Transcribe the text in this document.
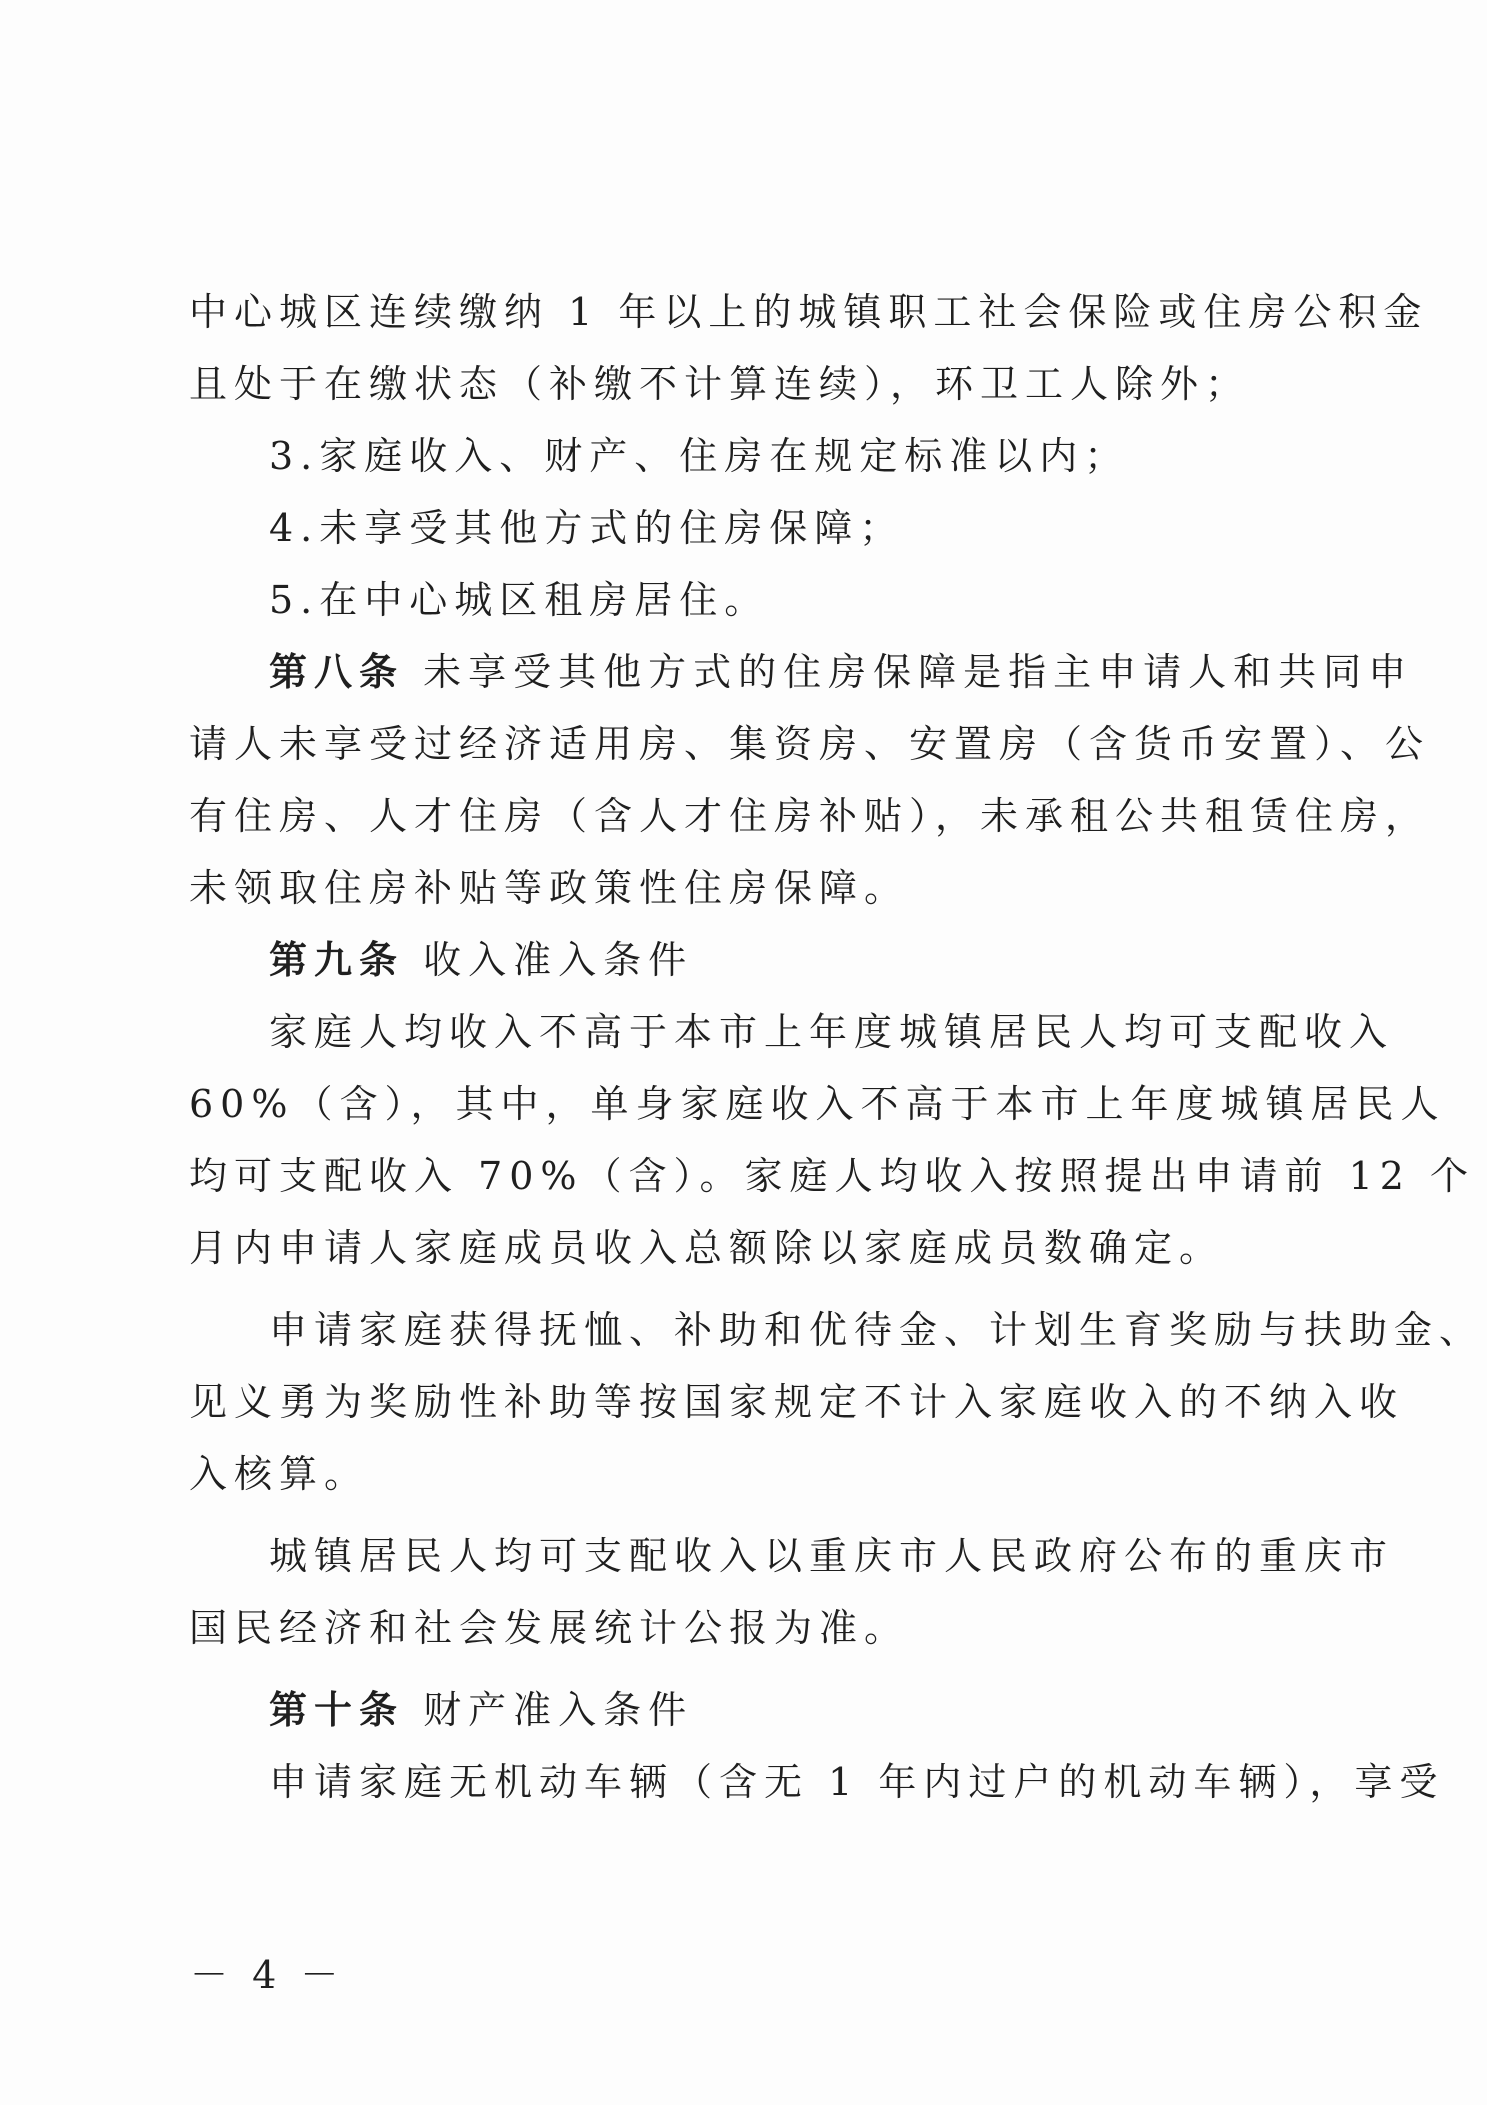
中心城区连续缴纳 1 年以上的城镇职工社会保险或住房公积金
且处于在缴状态（补缴不计算连续），环卫工人除外；
3.家庭收入、财产、住房在规定标准以内；
4.未享受其他方式的住房保障；
5.在中心城区租房居住。
第八条 未享受其他方式的住房保障是指主申请人和共同申
请人未享受过经济适用房、集资房、安置房（含货币安置）、公
有住房、人才住房（含人才住房补贴），未承租公共租赁住房，
未领取住房补贴等政策性住房保障。
第九条 收入准入条件
家庭人均收入不高于本市上年度城镇居民人均可支配收入
60%（含），其中，单身家庭收入不高于本市上年度城镇居民人
均可支配收入 70%（含）。家庭人均收入按照提出申请前 12 个
月内申请人家庭成员收入总额除以家庭成员数确定。
申请家庭获得抚恤、补助和优待金、计划生育奖励与扶助金、
见义勇为奖励性补助等按国家规定不计入家庭收入的不纳入收
入核算。
城镇居民人均可支配收入以重庆市人民政府公布的重庆市
国民经济和社会发展统计公报为准。
第十条 财产准入条件
申请家庭无机动车辆（含无 1 年内过户的机动车辆），享受
－ 4 －
